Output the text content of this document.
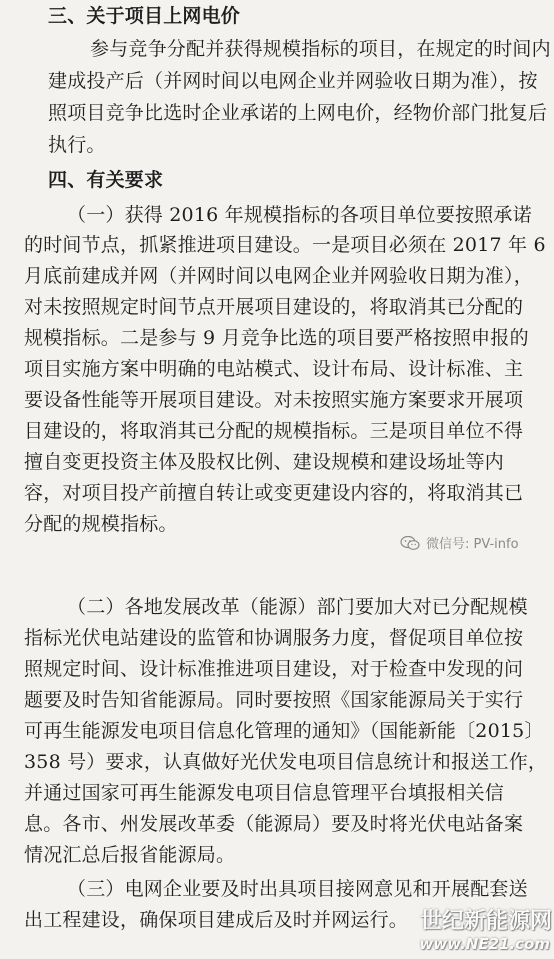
三、关于项目上网电价
参与竞争分配并获得规模指标的项目，在规定的时间内
建成投产后（并网时间以电网企业并网验收日期为准），按
照项目竞争比选时企业承诺的上网电价，经物价部门批复后
执行。
四、有关要求
（一）获得 2016 年规模指标的各项目单位要按照承诺
的时间节点，抓紧推进项目建设。一是项目必须在 2017 年 6
月底前建成并网（并网时间以电网企业并网验收日期为准），
对未按照规定时间节点开展项目建设的，将取消其已分配的
规模指标。二是参与 9 月竞争比选的项目要严格按照申报的
项目实施方案中明确的电站模式、设计布局、设计标准、主
要设备性能等开展项目建设。对未按照实施方案要求开展项
目建设的，将取消其已分配的规模指标。三是项目单位不得
擅自变更投资主体及股权比例、建设规模和建设场址等内
容，对项目投产前擅自转让或变更建设内容的，将取消其已
分配的规模指标。
微信号: PV-info
（二）各地发展改革（能源）部门要加大对已分配规模
指标光伏电站建设的监管和协调服务力度，督促项目单位按
照规定时间、设计标准推进项目建设，对于检查中发现的问
题要及时告知省能源局。同时要按照《国家能源局关于实行
可再生能源发电项目信息化管理的通知》（国能新能〔2015〕
358 号）要求，认真做好光伏发电项目信息统计和报送工作，
并通过国家可再生能源发电项目信息管理平台填报相关信
息。各市、州发展改革委（能源局）要及时将光伏电站备案
情况汇总后报省能源局。
（三）电网企业要及时出具项目接网意见和开展配套送
出工程建设，确保项目建成后及时并网运行。 世纪新能源网
www.NE21.com
